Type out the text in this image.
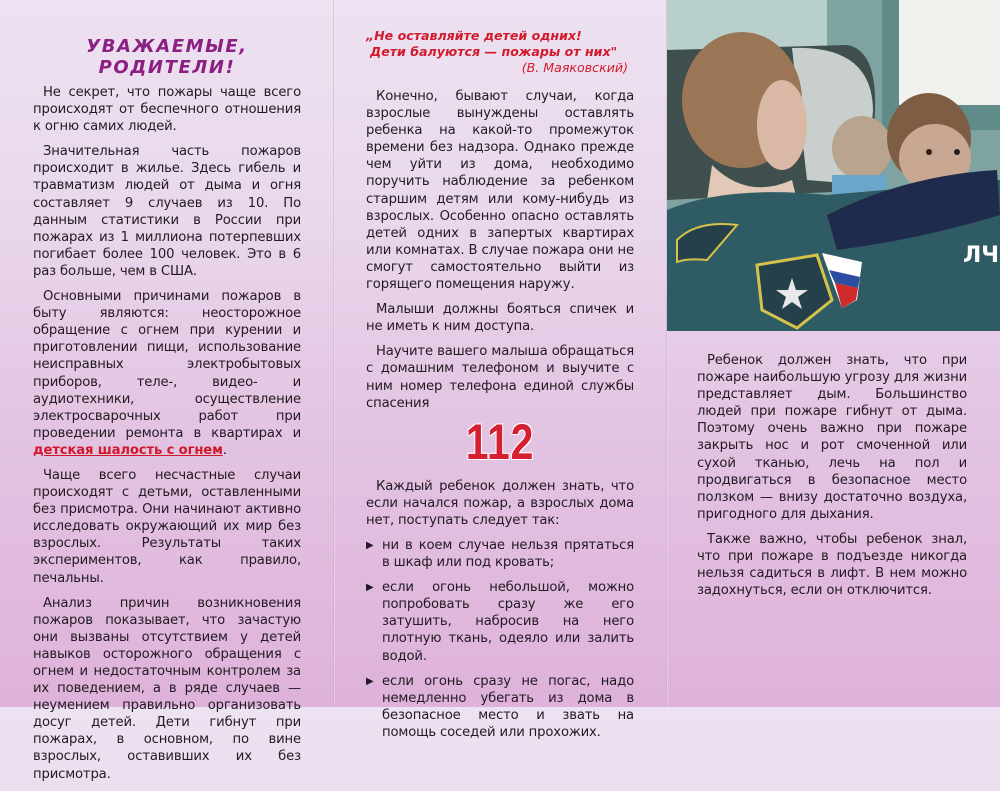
УВАЖАЕМЫЕ, РОДИТЕЛИ!

Не секрет, что пожары чаще всего происходят от беспечного отношения к огню самих людей.

Значительная часть пожаров происходит в жилье. Здесь гибель и травматизм людей от дыма и огня составляет 9 случаев из 10. По данным статистики в России при пожарах из 1 миллиона потерпевших погибает более 100 человек. Это в 6 раз больше, чем в США.

Основными причинами пожаров в быту являются: неосторожное обращение с огнем при курении и приготовлении пищи, использование неисправных электробытовых приборов, теле-, видео- и аудиотехники, осуществление электросварочных работ при проведении ремонта в квартирах и детская шалость с огнем.

Чаще всего несчастные случаи происходят с детьми, оставленными без присмотра. Они начинают активно исследовать окружающий их мир без взрослых. Результаты таких экспериментов, как правило, печальны.

Анализ причин возникновения пожаров показывает, что зачастую они вызваны отсутствием у детей навыков осторожного обращения с огнем и недостаточным контролем за их поведением, а в ряде случаев — неумением правильно организовать досуг детей. Дети гибнут при пожарах, в основном, по вине взрослых, оставивших их без присмотра.

„Не оставляйте детей одних!
Дети балуются — пожары от них"
(В. Маяковский)

Конечно, бывают случаи, когда взрослые вынуждены оставлять ребенка на какой-то промежуток времени без надзора. Однако прежде чем уйти из дома, необходимо поручить наблюдение за ребенком старшим детям или кому-нибудь из взрослых. Особенно опасно оставлять детей одних в запертых квартирах или комнатах. В случае пожара они не смогут самостоятельно выйти из горящего помещения наружу.

Малыши должны бояться спичек и не иметь к ним доступа.

Научите вашего малыша обращаться с домашним телефоном и выучите с ним номер телефона единой службы спасения

112

Каждый ребенок должен знать, что если начался пожар, а взрослых дома нет, поступать следует так:

▶ ни в коем случае нельзя прятаться в шкаф или под кровать;
▶ если огонь небольшой, можно попробовать сразу же его затушить, набросив на него плотную ткань, одеяло или залить водой.
▶ если огонь сразу не погас, надо немедленно убегать из дома в безопасное место и звать на помощь соседей или прохожих.
ЛЧ

Ребенок должен знать, что при пожаре наибольшую угрозу для жизни представляет дым. Большинство людей при пожаре гибнут от дыма. Поэтому очень важно при пожаре закрыть нос и рот смоченной или сухой тканью, лечь на пол и продвигаться в безопасное место ползком — внизу достаточно воздуха, пригодного для дыхания.

Также важно, чтобы ребенок знал, что при пожаре в подъезде никогда нельзя садиться в лифт. В нем можно задохнуться, если он отключится.
